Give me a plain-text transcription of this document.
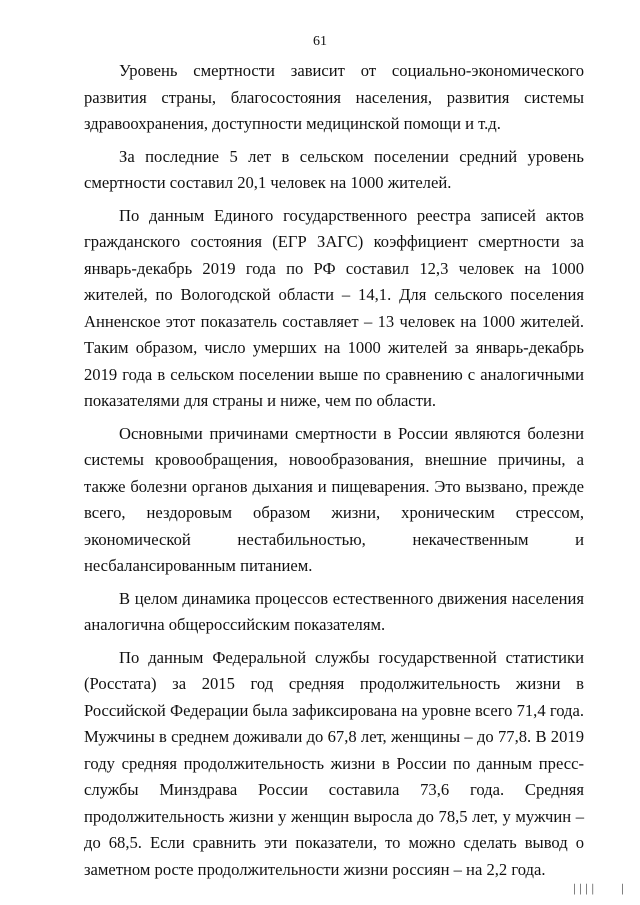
61

Уровень смертности зависит от социально-экономического развития страны, благосостояния населения, развития системы здравоохранения, доступности медицинской помощи и т.д.

За последние 5 лет в сельском поселении средний уровень смертности составил 20,1 человек на 1000 жителей.

По данным Единого государственного реестра записей актов гражданского состояния (ЕГР ЗАГС) коэффициент смертности за январь-декабрь 2019 года по РФ составил 12,3 человек на 1000 жителей, по Вологодской области – 14,1. Для сельского поселения Анненское этот показатель составляет – 13 человек на 1000 жителей. Таким образом, число умерших на 1000 жителей за январь-декабрь 2019 года в сельском поселении выше по сравнению с аналогичными показателями для страны и ниже, чем по области.

Основными причинами смертности в России являются болезни системы кровообращения, новообразования, внешние причины, а также болезни органов дыхания и пищеварения. Это вызвано, прежде всего, нездоровым образом жизни, хроническим стрессом, экономической нестабильностью, некачественным и несбалансированным питанием.

В целом динамика процессов естественного движения населения аналогична общероссийским показателям.

По данным Федеральной службы государственной статистики (Росстата) за 2015 год средняя продолжительность жизни в Российской Федерации была зафиксирована на уровне всего 71,4 года. Мужчины в среднем доживали до 67,8 лет, женщины – до 77,8. В 2019 году средняя продолжительность жизни в России по данным пресс-службы Минздрава России составила 73,6 года. Средняя продолжительность жизни у женщин выросла до 78,5 лет, у мужчин – до 68,5. Если сравнить эти показатели, то можно сделать вывод о заметном росте продолжительности жизни россиян – на 2,2 года.

׀׀׀׀	׀
